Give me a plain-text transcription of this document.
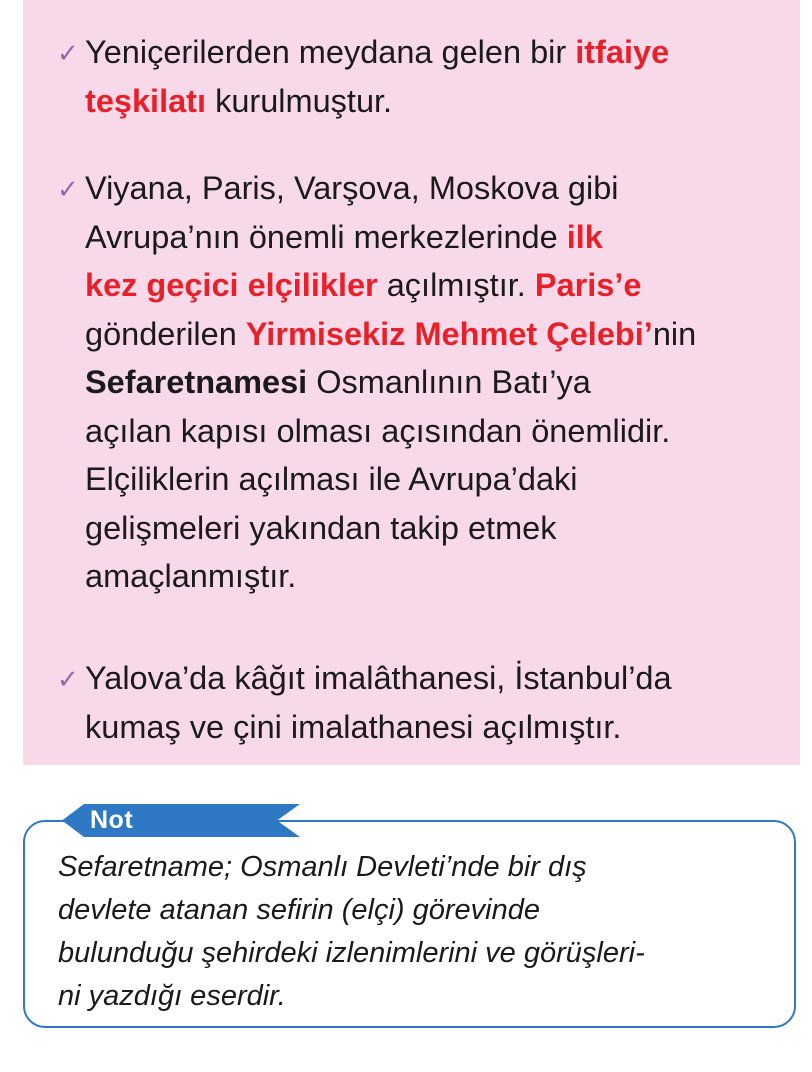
✓ Yeniçerilerden meydana gelen bir itfaiye
teşkilatı kurulmuştur.
✓ Viyana, Paris, Varşova, Moskova gibi
Avrupa’nın önemli merkezlerinde ilk
kez geçici elçilikler açılmıştır. Paris’e
gönderilen Yirmisekiz Mehmet Çelebi’nin
Sefaretnamesi Osmanlının Batı’ya
açılan kapısı olması açısından önemlidir.
Elçiliklerin açılması ile Avrupa’daki
gelişmeleri yakından takip etmek
amaçlanmıştır.
✓ Yalova’da kâğıt imalâthanesi, İstanbul’da
kumaş ve çini imalathanesi açılmıştır.
Not
Sefaretname; Osmanlı Devleti’nde bir dış
devlete atanan sefirin (elçi) görevinde
bulunduğu şehirdeki izlenimlerini ve görüşleri-
ni yazdığı eserdir.
